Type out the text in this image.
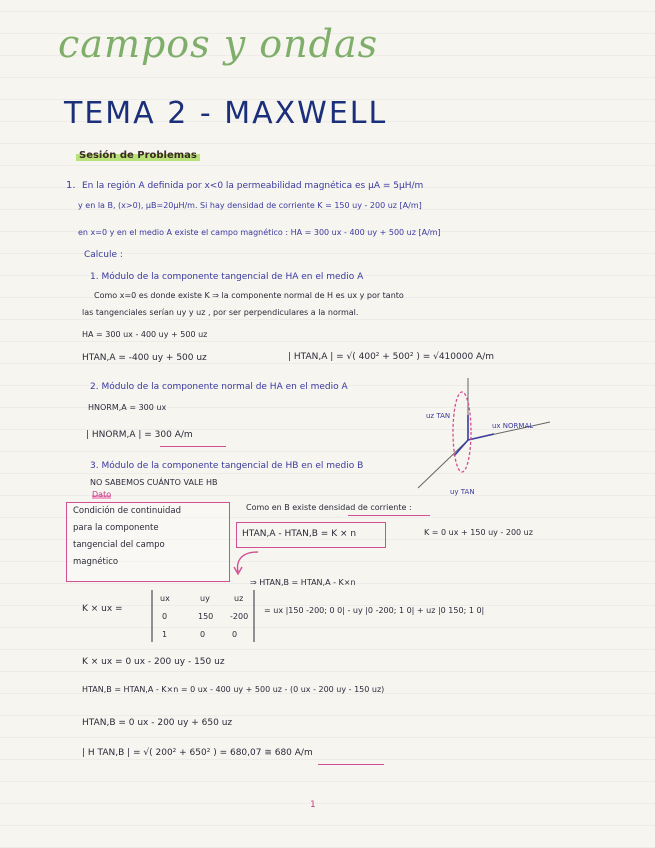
campos y ondas
TEMA 2 - MAXWELL
Sesión de Problemas
1. En la región A definida por x<0 la permeabilidad magnética es μA = 5μH/m
y en la B, (x>0), μB=20μH/m. Si hay densidad de corriente K = 150 uy - 200 uz [A/m]
en x=0 y en el medio A existe el campo magnético : HA = 300 ux - 400 uy + 500 uz [A/m]
Calcule :
1. Módulo de la componente tangencial de HA en el medio A
Como x=0 es donde existe K ⇒ la componente normal de H es ux y por tanto
las tangenciales serían uy y uz , por ser perpendiculares a la normal.
HA = 300 ux - 400 uy + 500 uz
HTAN,A = -400 uy + 500 uz	| HTAN,A | = √( 400² + 500² ) = √410000 A/m
2. Módulo de la componente normal de HA en el medio A
HNORM,A = 300 ux
| HNORM,A | = 300 A/m
uz TAN
ux NORMAL
uy TAN
3. Módulo de la componente tangencial de HB en el medio B
NO SABEMOS CUÁNTO VALE HB
Dato
Condición de continuidad
para la componente
tangencial del campo
magnético
Como en B existe densidad de corriente :
HTAN,A - HTAN,B = K × n	K = 0 ux + 150 uy - 200 uz
⇒ HTAN,B = HTAN,A - K×n
K × ux =
ux	uy	uz
0	150 -200
1	0	0
= ux |150 -200; 0 0| - uy |0 -200; 1 0| + uz |0 150; 1 0|
K × ux = 0 ux - 200 uy - 150 uz
HTAN,B = HTAN,A - K×n = 0 ux - 400 uy + 500 uz - (0 ux - 200 uy - 150 uz)
HTAN,B = 0 ux - 200 uy + 650 uz
| H TAN,B | = √( 200² + 650² ) = 680,07 ≅ 680 A/m
1
